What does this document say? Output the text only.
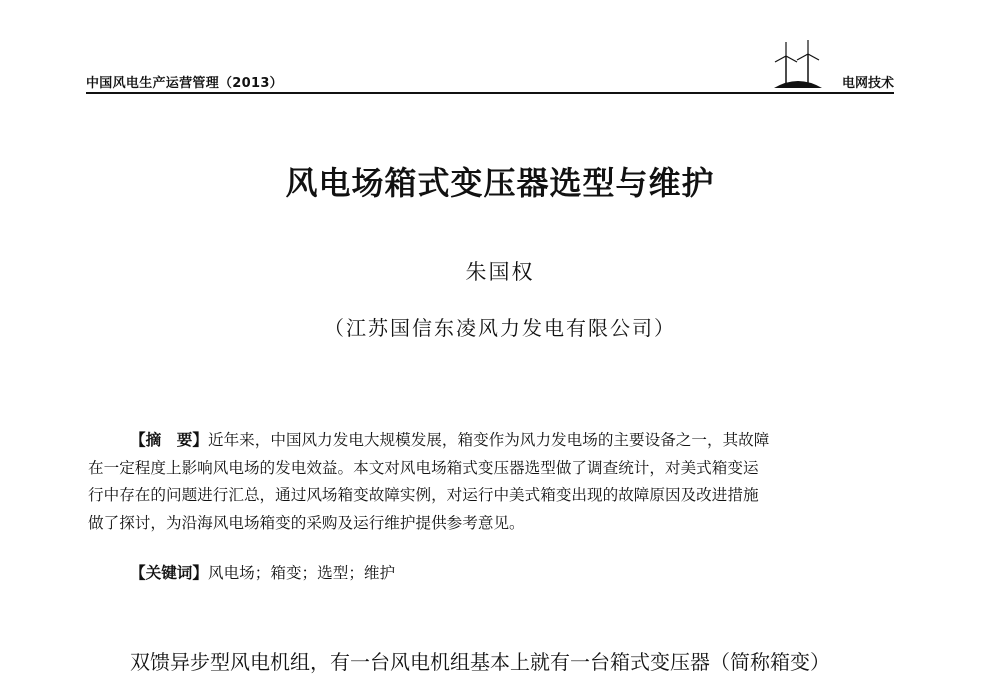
中国风电生产运营管理（2013）	电网技术
风电场箱式变压器选型与维护
朱国权
（江苏国信东凌风力发电有限公司）
【摘　要】近年来，中国风力发电大规模发展，箱变作为风力发电场的主要设备之一，其故障
在一定程度上影响风电场的发电效益。本文对风电场箱式变压器选型做了调查统计，对美式箱变运
行中存在的问题进行汇总，通过风场箱变故障实例，对运行中美式箱变出现的故障原因及改进措施
做了探讨，为沿海风电场箱变的采购及运行维护提供参考意见。
【关键词】风电场；箱变；选型；维护
双馈异步型风电机组，有一台风电机组基本上就有一台箱式变压器（简称箱变）
